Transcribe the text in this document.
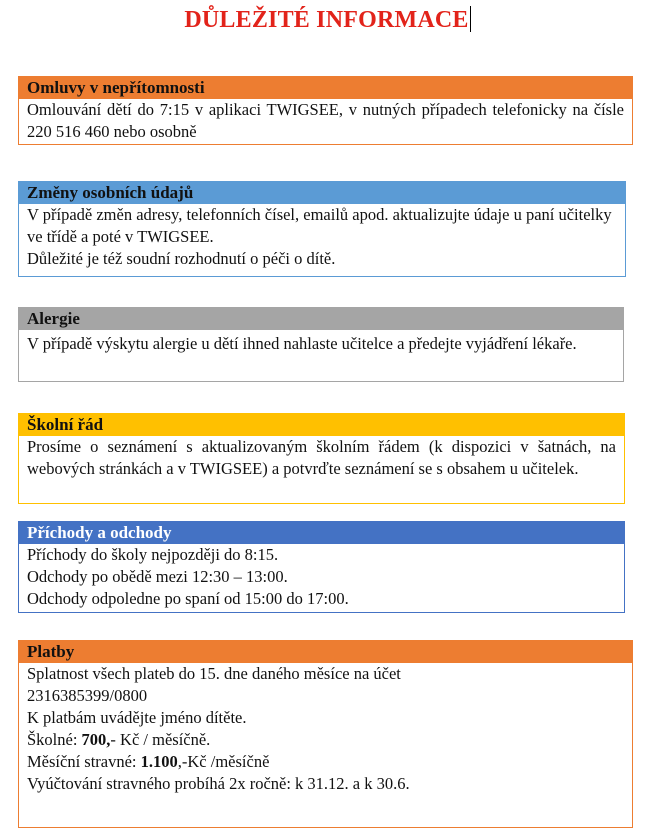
DŮLEŽITÉ INFORMACE
Omluvy v nepřítomnosti
Omlouvání dětí do 7:15 v aplikaci TWIGSEE, v nutných případech telefonicky na čísle 220 516 460 nebo osobně
Změny osobních údajů
V případě změn adresy, telefonních čísel, emailů apod. aktualizujte údaje u paní učitelky ve třídě a poté v TWIGSEE.
Důležité je též soudní rozhodnutí o péči o dítě.
Alergie
V případě výskytu alergie u dětí ihned nahlaste učitelce a předejte vyjádření lékaře.
Školní řád
Prosíme o seznámení s aktualizovaným školním řádem (k dispozici v šatnách, na webových stránkách a v TWIGSEE) a potvrďte seznámení se s obsahem u učitelek.
Příchody a odchody
Příchody do školy nejpozději do 8:15.
Odchody po obědě mezi 12:30 – 13:00.
Odchody odpoledne po spaní od 15:00 do 17:00.
Platby
Splatnost všech plateb do 15. dne daného měsíce na účet
2316385399/0800
K platbám uvádějte jméno dítěte.
Školné: 700,- Kč / měsíčně.
Měsíční stravné: 1.100,-Kč /měsíčně
Vyúčtování stravného probíhá 2x ročně: k 31.12. a k 30.6.
